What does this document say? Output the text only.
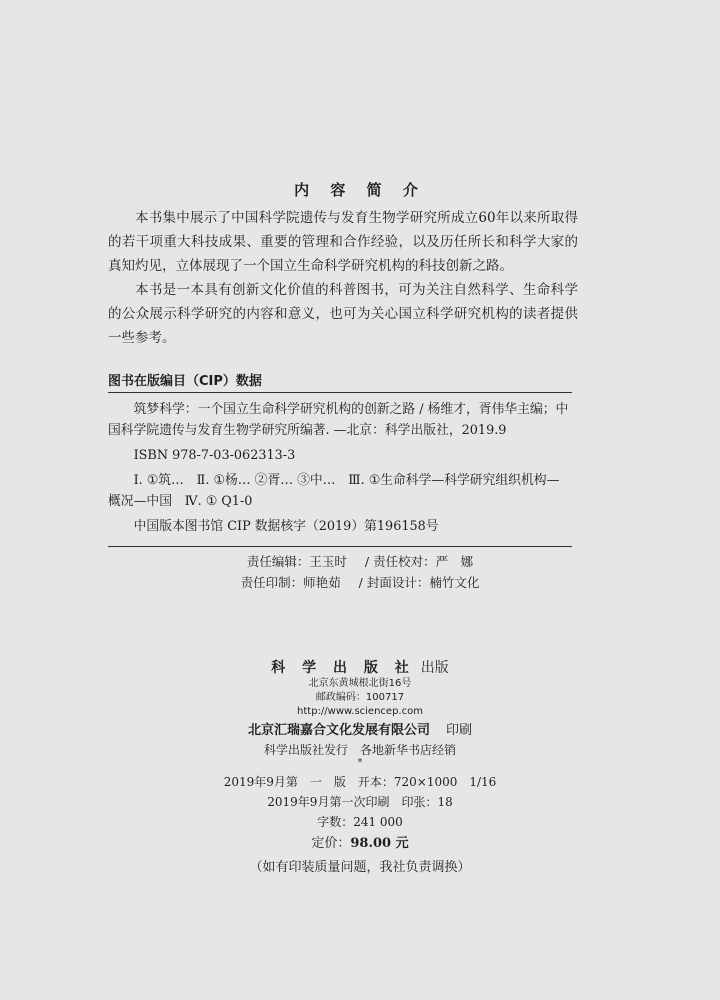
内 容 简 介

本书集中展示了中国科学院遗传与发育生物学研究所成立60年以来所取得的若干项重大科技成果、重要的管理和合作经验，以及历任所长和科学大家的真知灼见，立体展现了一个国立生命科学研究机构的科技创新之路。

本书是一本具有创新文化价值的科普图书，可为关注自然科学、生命科学的公众展示科学研究的内容和意义，也可为关心国立科学研究机构的读者提供一些参考。

图书在版编目（CIP）数据
筑梦科学：一个国立生命科学研究机构的创新之路 / 杨维才，胥伟华主编；中国科学院遗传与发育生物学研究所编著. —北京：科学出版社，2019.9
ISBN 978-7-03-062313-3
I. ①筑…　Ⅱ. ①杨… ②胥… ③中…　Ⅲ. ①生命科学—科学研究组织机构—概况—中国　Ⅳ. ① Q1-0
中国版本图书馆 CIP 数据核字（2019）第196158号
责任编辑：王玉时 / 责任校对：严　娜
责任印制：师艳茹 / 封面设计：楠竹文化
科 学 出 版 社 出版
北京东黄城根北街16号
邮政编码：100717
http://www.sciencep.com
北京汇瑞嘉合文化发展有限公司 印刷
科学出版社发行　各地新华书店经销
*
2019年9月第　一　版　开本：720×1000　1/16
2019年9月第一次印刷　印张：18
字数：241 000
定价：98.00 元
（如有印装质量问题，我社负责调换）
